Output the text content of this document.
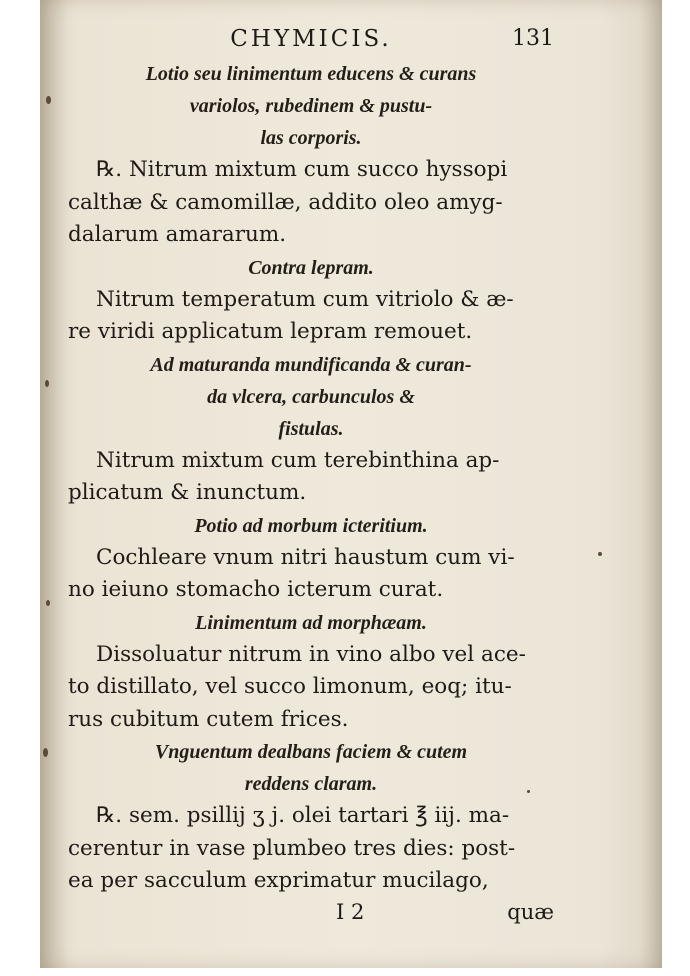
CHYMICIS.	131
Lotio seu linimentum educens & curans
variolos, rubedinem & pustu-
las corporis.
℞. Nitrum mixtum cum succo hyssopi
calthæ & camomillæ, addito oleo amyg-
dalarum amararum.
Contra lepram.
Nitrum temperatum cum vitriolo & æ-
re viridi applicatum lepram remouet.
Ad maturanda mundificanda & curan-
da vlcera, carbunculos &
fistulas.
Nitrum mixtum cum terebinthina ap-
plicatum & inunctum.
Potio ad morbum icteritium.
Cochleare vnum nitri haustum cum vi-
no ieiuno stomacho icterum curat.
Linimentum ad morphæam.
Dissoluatur nitrum in vino albo vel ace-
to distillato, vel succo limonum, eoq; itu-
rus cubitum cutem frices.
Vnguentum dealbans faciem & cutem
reddens claram.
℞. sem. psillij ʒ j. olei tartari ℥ iij. ma-
cerentur in vase plumbeo tres dies: post-
ea per sacculum exprimatur mucilago,
I 2	quæ
